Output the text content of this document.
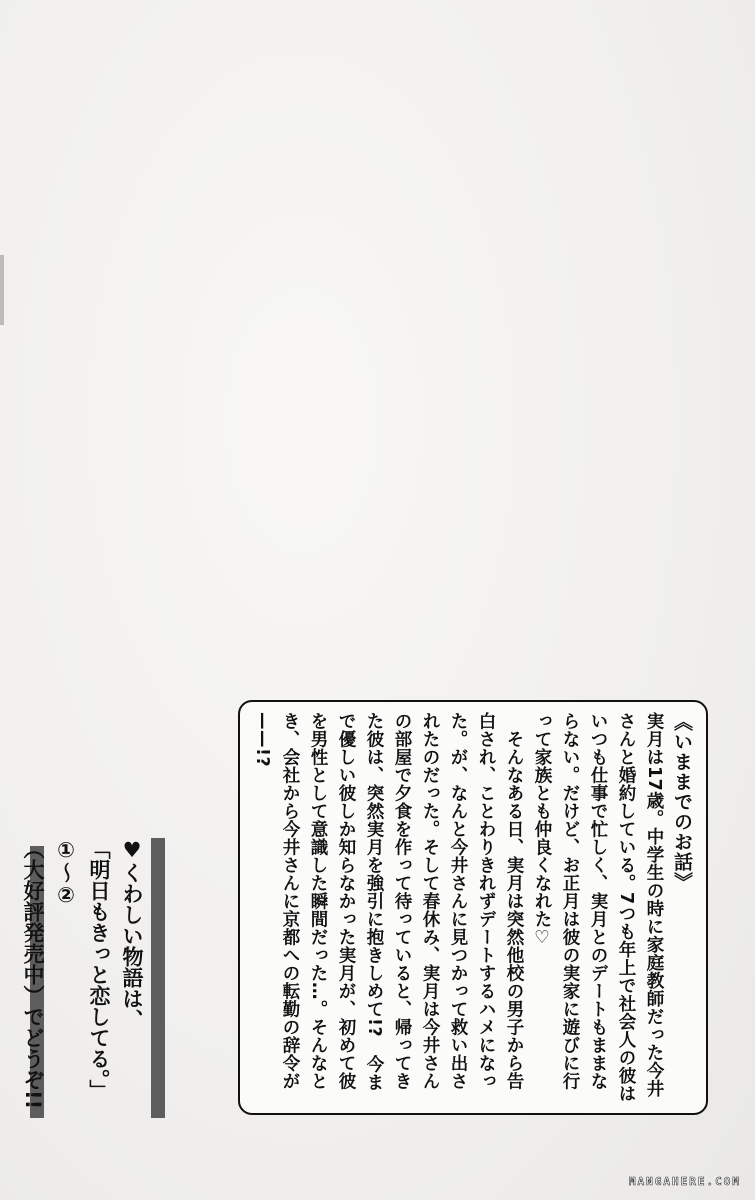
《いままでのお話》
実月は17歳。中学生の時に家庭教師だった今井さんと婚約している。7つも年上で社会人の彼はいつも仕事で忙しく、実月とのデートもままならない。だけど、お正月は彼の実家に遊びに行って家族とも仲良くなれた♡
　そんなある日、実月は突然他校の男子から告白され、ことわりきれずデートするハメになった。が、なんと今井さんに見つかって救い出されたのだった。そして春休み、実月は今井さんの部屋で夕食を作って待っていると、帰ってきた彼は、突然実月を強引に抱きしめて!?　今まで優しい彼しか知らなかった実月が、初めて彼を男性として意識した瞬間だった…。そんなとき、会社から今井さんに京都への転勤の辞令が——!?
♥くわしい物語は、
「明日もきっと恋してる。」①〜②
（大好評発売中）でどうぞ!!
MANGAHERE.COM
